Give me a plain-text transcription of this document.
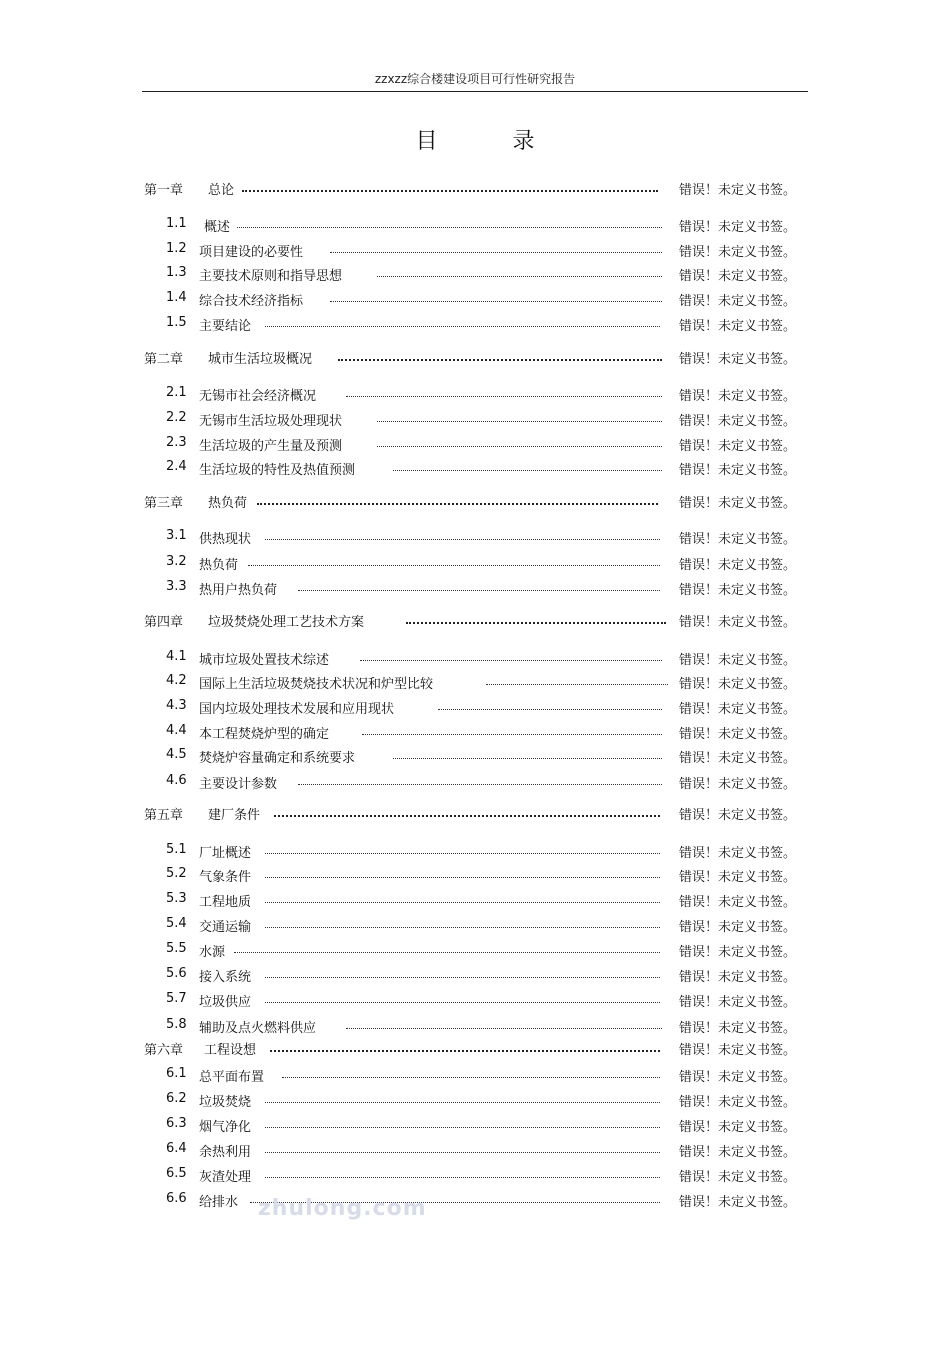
zzxzz综合楼建设项目可行性研究报告
目 录
第一章 总论	错误！未定义书签。
1.1 概述	错误！未定义书签。
1.2 项目建设的必要性	错误！未定义书签。
1.3 主要技术原则和指导思想	错误！未定义书签。
1.4 综合技术经济指标	错误！未定义书签。
1.5 主要结论	错误！未定义书签。
第二章 城市生活垃圾概况	错误！未定义书签。
2.1 无锡市社会经济概况	错误！未定义书签。
2.2 无锡市生活垃圾处理现状	错误！未定义书签。
2.3 生活垃圾的产生量及预测	错误！未定义书签。
2.4 生活垃圾的特性及热值预测	错误！未定义书签。
第三章 热负荷	错误！未定义书签。
3.1 供热现状	错误！未定义书签。
3.2 热负荷	错误！未定义书签。
3.3 热用户热负荷	错误！未定义书签。
第四章 垃圾焚烧处理工艺技术方案	错误！未定义书签。
4.1 城市垃圾处置技术综述	错误！未定义书签。
4.2 国际上生活垃圾焚烧技术状况和炉型比较	错误！未定义书签。
4.3 国内垃圾处理技术发展和应用现状	错误！未定义书签。
4.4 本工程焚烧炉型的确定	错误！未定义书签。
4.5 焚烧炉容量确定和系统要求	错误！未定义书签。
4.6 主要设计参数	错误！未定义书签。
第五章 建厂条件	错误！未定义书签。
5.1 厂址概述	错误！未定义书签。
5.2 气象条件	错误！未定义书签。
5.3 工程地质	错误！未定义书签。
5.4 交通运输	错误！未定义书签。
5.5 水源	错误！未定义书签。
5.6 接入系统	错误！未定义书签。
5.7 垃圾供应	错误！未定义书签。
5.8 辅助及点火燃料供应	错误！未定义书签。
第六章 工程设想	错误！未定义书签。
6.1 总平面布置	错误！未定义书签。
6.2 垃圾焚烧	错误！未定义书签。
6.3 烟气净化	错误！未定义书签。
6.4 余热利用	错误！未定义书签。
6.5 灰渣处理	错误！未定义书签。
6.6 给排水	错误！未定义书签。
zhulong.com
